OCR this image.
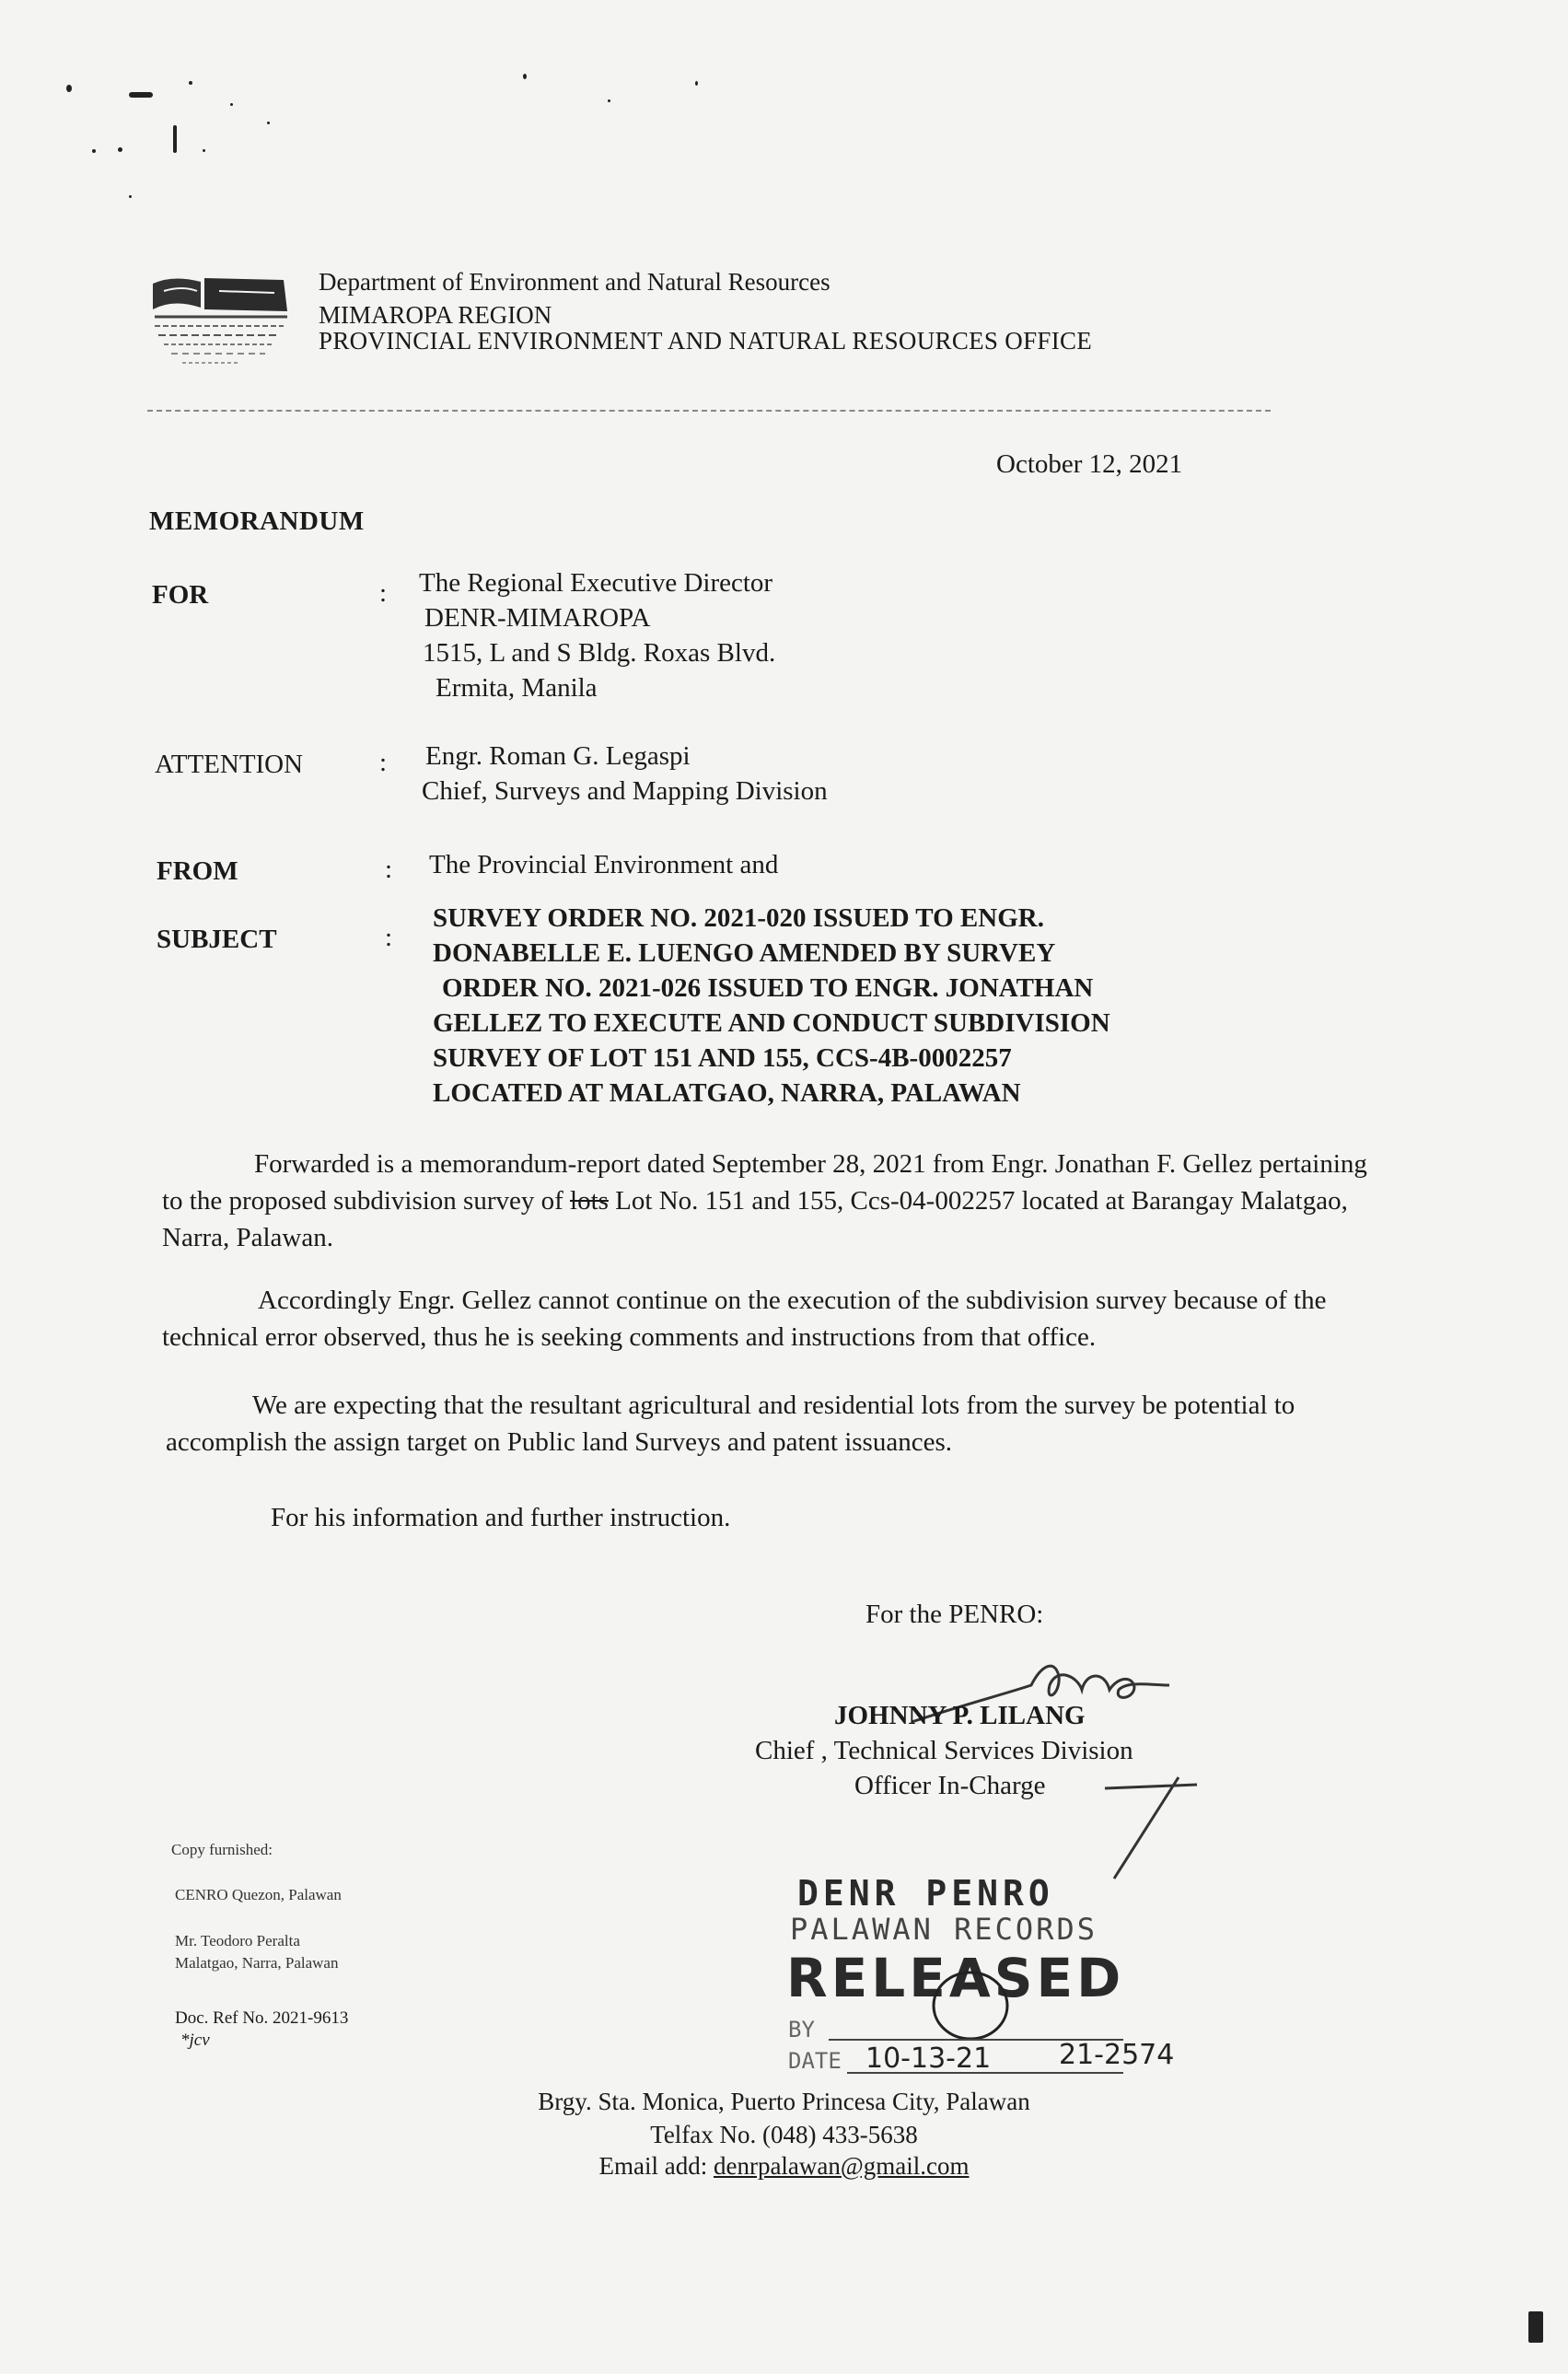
Department of Environment and Natural Resources
MIMAROPA REGION
PROVINCIAL ENVIRONMENT AND NATURAL RESOURCES OFFICE
October 12, 2021
MEMORANDUM
FOR	: The Regional Executive Director
DENR-MIMAROPA
1515, L and S Bldg. Roxas Blvd.
Ermita, Manila
ATTENTION	: Engr. Roman G. Legaspi
Chief, Surveys and Mapping Division
FROM	: The Provincial Environment and
SUBJECT	:
SURVEY ORDER NO. 2021-020 ISSUED TO ENGR.
DONABELLE E. LUENGO AMENDED BY SURVEY
ORDER NO. 2021-026 ISSUED TO ENGR. JONATHAN
GELLEZ TO EXECUTE AND CONDUCT SUBDIVISION
SURVEY OF LOT 151 AND 155, CCS-4B-0002257
LOCATED AT MALATGAO, NARRA, PALAWAN

Forwarded is a memorandum-report dated September 28, 2021 from Engr. Jonathan F. Gellez pertaining to the proposed subdivision survey of lots Lot No. 151 and 155, Ccs-04-002257 located at Barangay Malatgao, Narra, Palawan.

Accordingly Engr. Gellez cannot continue on the execution of the subdivision survey because of the technical error observed, thus he is seeking comments and instructions from that office.

We are expecting that the resultant agricultural and residential lots from the survey be potential to accomplish the assign target on Public land Surveys and patent issuances.

For his information and further instruction.

For the PENRO:
JOHNNY P. LILANG
Chief , Technical Services Division
Officer In-Charge
Copy furnished:
CENRO Quezon, Palawan
Mr. Teodoro Peralta
Malatgao, Narra, Palawan
Doc. Ref No. 2021-9613
*jcv
DENR PENRO
PALAWAN RECORDS
RELEASED
BY
DATE 10-13-21 21-2574
Brgy. Sta. Monica, Puerto Princesa City, Palawan
Telfax No. (048) 433-5638
Email add: denrpalawan@gmail.com
